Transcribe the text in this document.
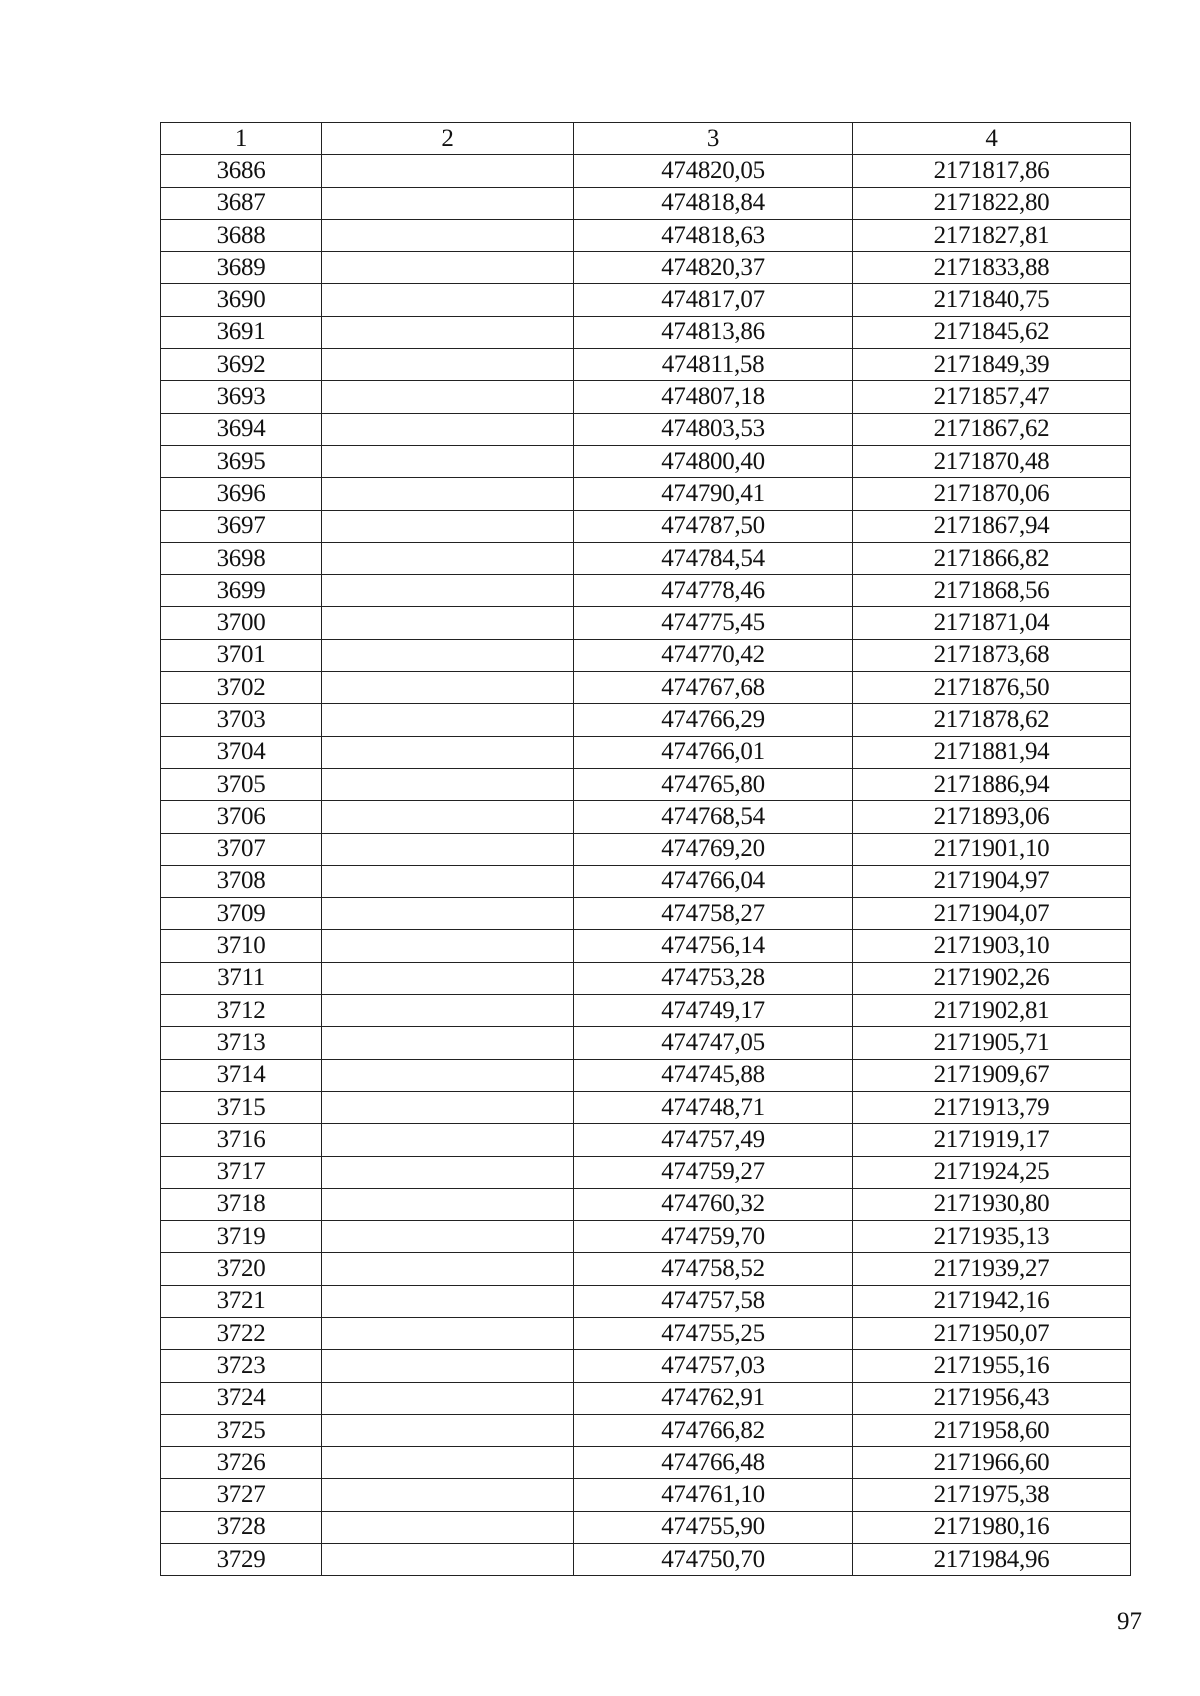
1	2	3	4
3686		474820,05	2171817,86
3687		474818,84	2171822,80
3688		474818,63	2171827,81
3689		474820,37	2171833,88
3690		474817,07	2171840,75
3691		474813,86	2171845,62
3692		474811,58	2171849,39
3693		474807,18	2171857,47
3694		474803,53	2171867,62
3695		474800,40	2171870,48
3696		474790,41	2171870,06
3697		474787,50	2171867,94
3698		474784,54	2171866,82
3699		474778,46	2171868,56
3700		474775,45	2171871,04
3701		474770,42	2171873,68
3702		474767,68	2171876,50
3703		474766,29	2171878,62
3704		474766,01	2171881,94
3705		474765,80	2171886,94
3706		474768,54	2171893,06
3707		474769,20	2171901,10
3708		474766,04	2171904,97
3709		474758,27	2171904,07
3710		474756,14	2171903,10
3711		474753,28	2171902,26
3712		474749,17	2171902,81
3713		474747,05	2171905,71
3714		474745,88	2171909,67
3715		474748,71	2171913,79
3716		474757,49	2171919,17
3717		474759,27	2171924,25
3718		474760,32	2171930,80
3719		474759,70	2171935,13
3720		474758,52	2171939,27
3721		474757,58	2171942,16
3722		474755,25	2171950,07
3723		474757,03	2171955,16
3724		474762,91	2171956,43
3725		474766,82	2171958,60
3726		474766,48	2171966,60
3727		474761,10	2171975,38
3728		474755,90	2171980,16
3729		474750,70	2171984,96
97
